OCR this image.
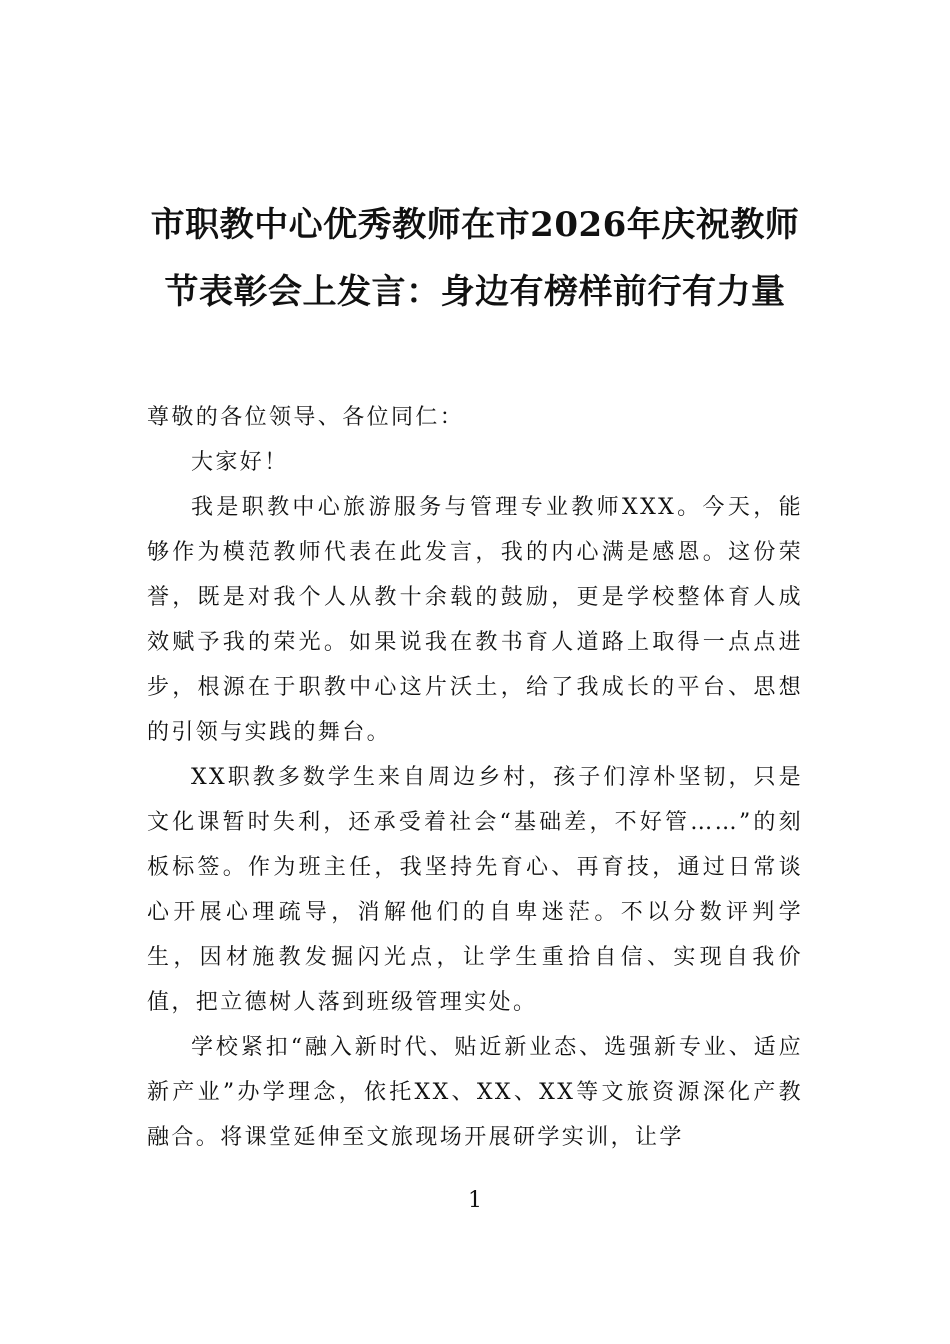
市职教中心优秀教师在市2026年庆祝教师
节表彰会上发言：身边有榜样前行有力量

尊敬的各位领导、各位同仁：

大家好！

我是职教中心旅游服务与管理专业教师XXX。今天，能够作为模范教师代表在此发言，我的内心满是感恩。这份荣誉，既是对我个人从教十余载的鼓励，更是学校整体育人成效赋予我的荣光。如果说我在教书育人道路上取得一点点进步，根源在于职教中心这片沃土，给了我成长的平台、思想的引领与实践的舞台。

XX职教多数学生来自周边乡村，孩子们淳朴坚韧，只是文化课暂时失利，还承受着社会“基础差，不好管……”的刻板标签。作为班主任，我坚持先育心、再育技，通过日常谈心开展心理疏导，消解他们的自卑迷茫。不以分数评判学生，因材施教发掘闪光点，让学生重拾自信、实现自我价值，把立德树人落到班级管理实处。

学校紧扣“融入新时代、贴近新业态、选强新专业、适应新产业”办学理念，依托XX、XX、XX等文旅资源深化产教融合。将课堂延伸至文旅现场开展研学实训，让学

1
